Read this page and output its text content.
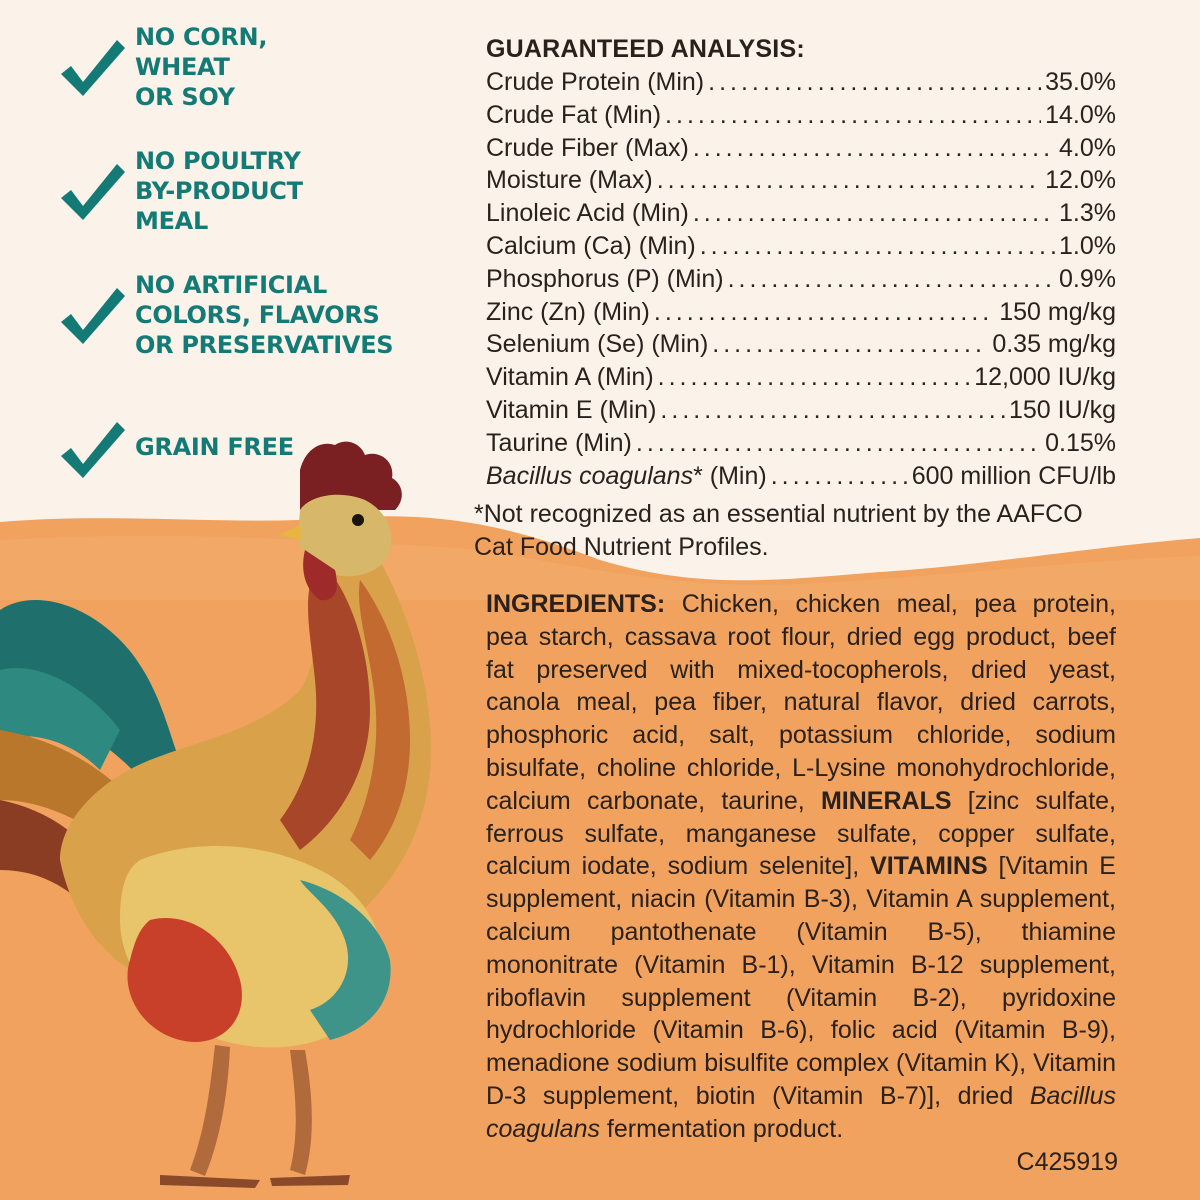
NO CORN,
WHEAT
OR SOY
NO POULTRY
BY-PRODUCT
MEAL
NO ARTIFICIAL
COLORS, FLAVORS
OR PRESERVATIVES
GRAIN FREE
GUARANTEED ANALYSIS:
Crude Protein (Min) .....	35.0%
Crude Fat (Min) .....	14.0%
Crude Fiber (Max) .....	4.0%
Moisture (Max) .....	12.0%
Linoleic Acid (Min) .....	1.3%
Calcium (Ca) (Min) .....	1.0%
Phosphorus (P) (Min) .....	0.9%
Zinc (Zn) (Min) .....	150 mg/kg
Selenium (Se) (Min) .....	0.35 mg/kg
Vitamin A (Min) .....	12,000 IU/kg
Vitamin E (Min) .....	150 IU/kg
Taurine (Min) .....	0.15%
Bacillus coagulans* (Min) .....	600 million CFU/lb
*Not recognized as an essential nutrient by the AAFCO Cat Food Nutrient Profiles.
INGREDIENTS: Chicken, chicken meal, pea protein, pea starch, cassava root flour, dried egg product, beef fat preserved with mixed-tocopherols, dried yeast, canola meal, pea fiber, natural flavor, dried carrots, phosphoric acid, salt, potassium chloride, sodium bisulfate, choline chloride, L-Lysine monohydrochloride, calcium carbonate, taurine, MINERALS [zinc sulfate, ferrous sulfate, manganese sulfate, copper sulfate, calcium iodate, sodium selenite], VITAMINS [Vitamin E supplement, niacin (Vitamin B-3), Vitamin A supplement, calcium pantothenate (Vitamin B-5), thiamine mononitrate (Vitamin B-1), Vitamin B-12 supplement, riboflavin supplement (Vitamin B-2), pyridoxine hydrochloride (Vitamin B-6), folic acid (Vitamin B-9), menadione sodium bisulfite complex (Vitamin K), Vitamin D-3 supplement, biotin (Vitamin B-7)], dried Bacillus coagulans fermentation product.
C425919
